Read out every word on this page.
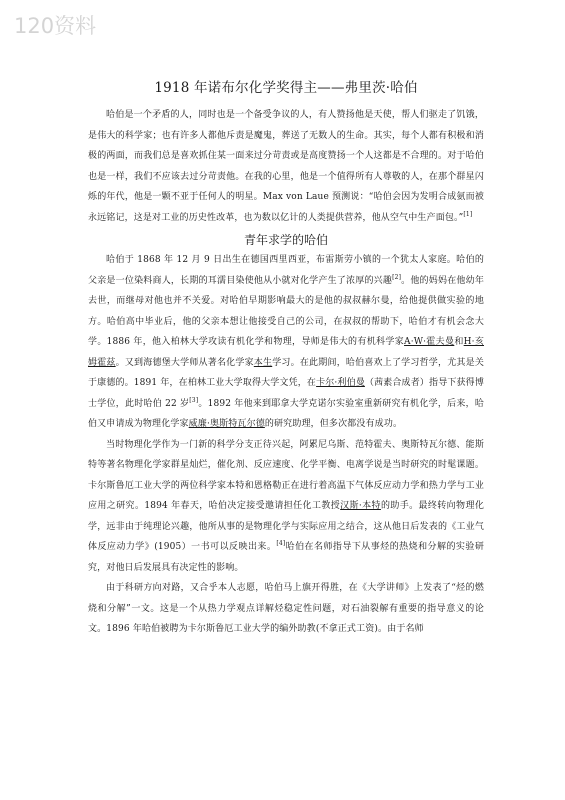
120资料
1918 年诺布尔化学奖得主——弗里茨·哈伯

哈伯是一个矛盾的人，同时也是一个备受争议的人，有人赞扬他是天使，帮人们驱走了饥饿，是伟大的科学家；也有许多人都他斥责是魔鬼，葬送了无数人的生命。其实，每个人都有积极和消极的两面，而我们总是喜欢抓住某一面来过分苛责或是高度赞扬一个人这都是不合理的。对于哈伯也是一样，我们不应该去过分苛责他。在我的心里，他是一个值得所有人尊敬的人，在那个群星闪烁的年代，他是一颗不亚于任何人的明星。Max von Laue 预测说：“哈伯会因为发明合成氨而被永远铭记，这是对工业的历史性改革，也为数以亿计的人类提供营养，他从空气中生产面包。”[1]

青年求学的哈伯

哈伯于 1868 年 12 月 9 日出生在德国西里西亚，布雷斯劳小镇的一个犹太人家庭。哈伯的父亲是一位染料商人，长期的耳濡目染使他从小就对化学产生了浓厚的兴趣[2]。他的妈妈在他幼年去世，而继母对他也并不关爱。对哈伯早期影响最大的是他的叔叔赫尔曼，给他提供做实验的地方。哈伯高中毕业后，他的父亲本想让他接受自己的公司，在叔叔的帮助下，哈伯才有机会念大学。1886 年，他入柏林大学攻读有机化学和物理，导师是伟大的有机科学家A·W·霍夫曼和H·亥姆霍兹。又到海德堡大学师从著名化学家本生学习。在此期间，哈伯喜欢上了学习哲学，尤其是关于康德的。1891 年，在柏林工业大学取得大学文凭，在卡尔·利伯曼（茜素合成者）指导下获得博士学位，此时哈伯 22 岁[3]。1892 年他来到耶拿大学克诺尔实验室重新研究有机化学，后来，哈伯又申请成为物理化学家威廉·奥斯特瓦尔德的研究助理，但多次都没有成功。

当时物理化学作为一门新的科学分支正待兴起，阿累尼乌斯、范特霍夫、奥斯特瓦尔德、能斯特等著名物理化学家群星灿烂，催化剂、反应速度、化学平衡、电离学说是当时研究的时髦课题。卡尔斯鲁厄工业大学的两位科学家本特和恩格勒正在进行着高温下气体反应动力学和热力学与工业应用之研究。1894 年春天，哈伯决定接受邀请担任化工教授汉斯·本特的助手。最终转向物理化学，远非由于纯理论兴趣，他所从事的是物理化学与实际应用之结合，这从他日后发表的《工业气体反应动力学》(1905）一书可以反映出来。[4]哈伯在名师指导下从事烃的热烧和分解的实验研究，对他日后发展具有决定性的影响。

由于科研方向对路，又合乎本人志愿，哈伯马上旗开得胜，在《大学讲师》上发表了“烃的燃烧和分解”一文。这是一个从热力学观点详解烃稳定性问题，对石油裂解有重要的指导意义的论文。1896 年哈伯被聘为卡尔斯鲁厄工业大学的编外助教(不拿正式工资)。由于名师
